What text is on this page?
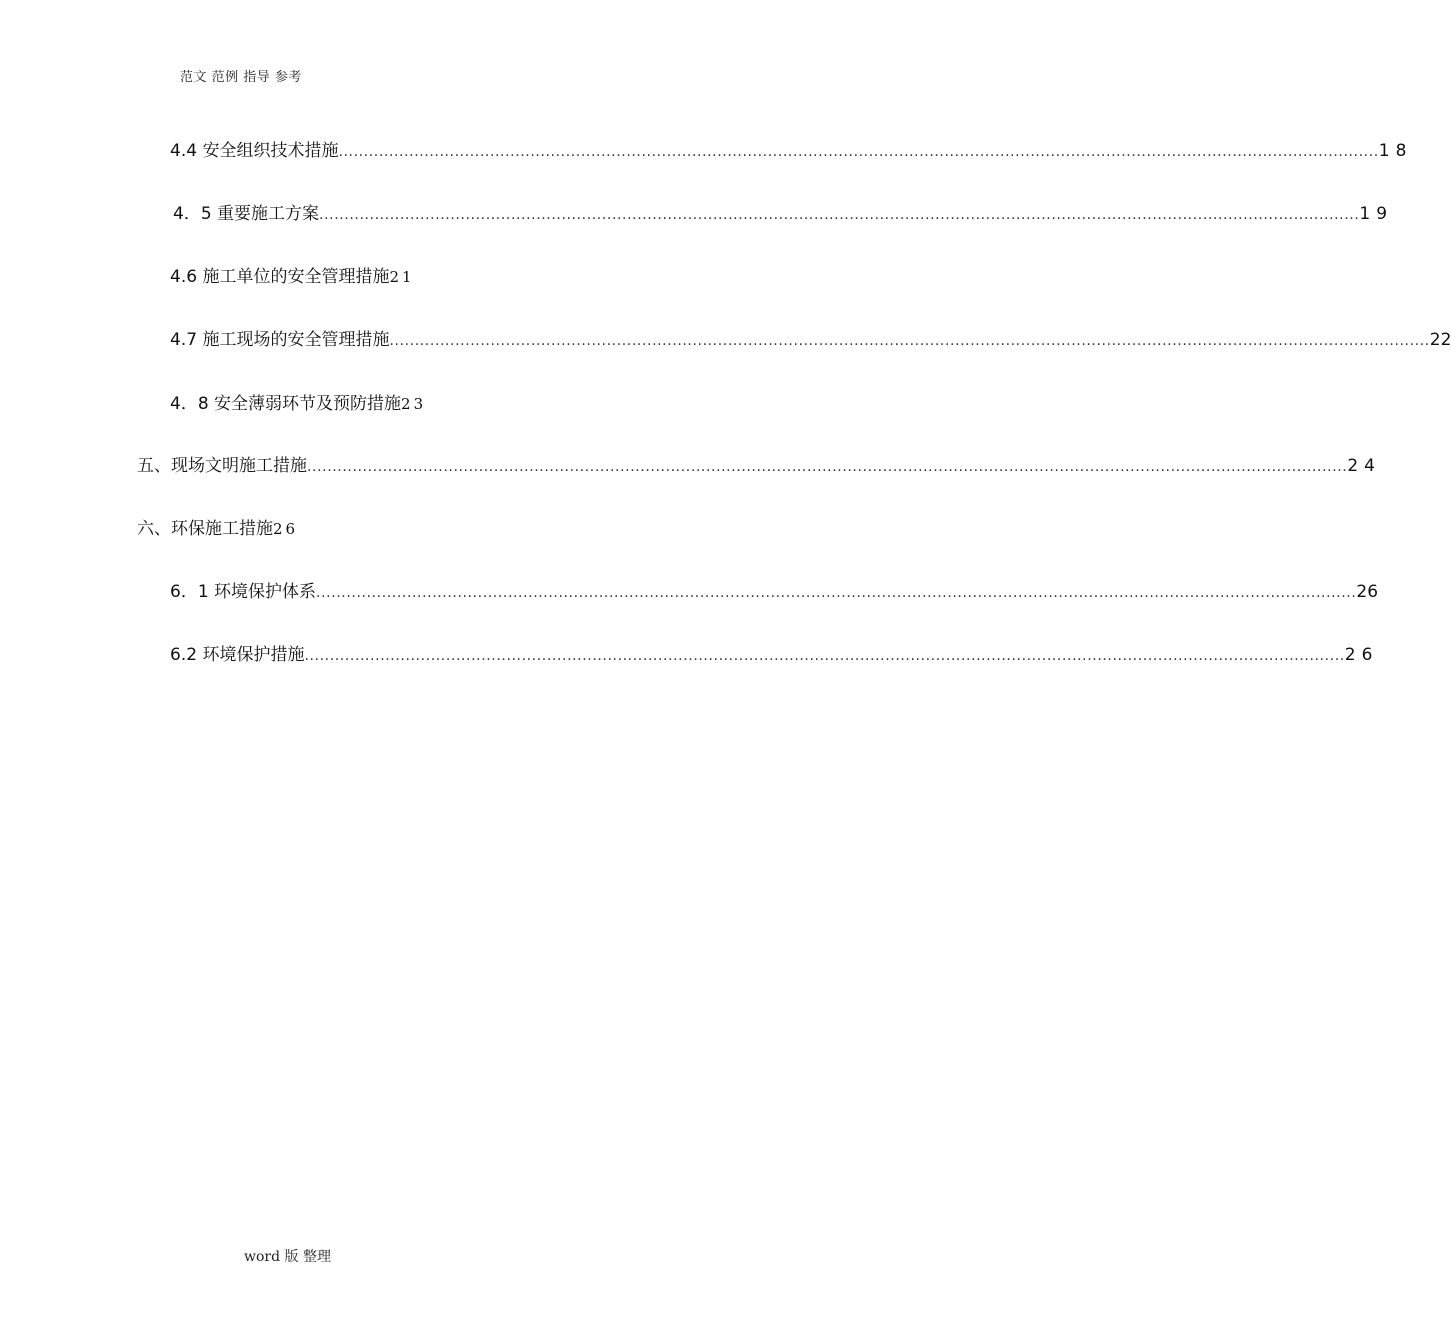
范文 范例 指导 参考
4.4 安全组织技术措施 .............................................................................................................................................................................................................. 18
4．5 重要施工方案 .............................................................................................................................................................................................................. 19
4.6 施工单位的安全管理措施 21
4.7 施工现场的安全管理措施 .............................................................................................................................................................................................................. 22
4．8 安全薄弱环节及预防措施 23
五、现场文明施工措施 .............................................................................................................................................................................................................. 24
六、环保施工措施 26
6．1 环境保护体系 .............................................................................................................................................................................................................. 26
6.2 环境保护措施 .............................................................................................................................................................................................................. 26
word 版 整理
